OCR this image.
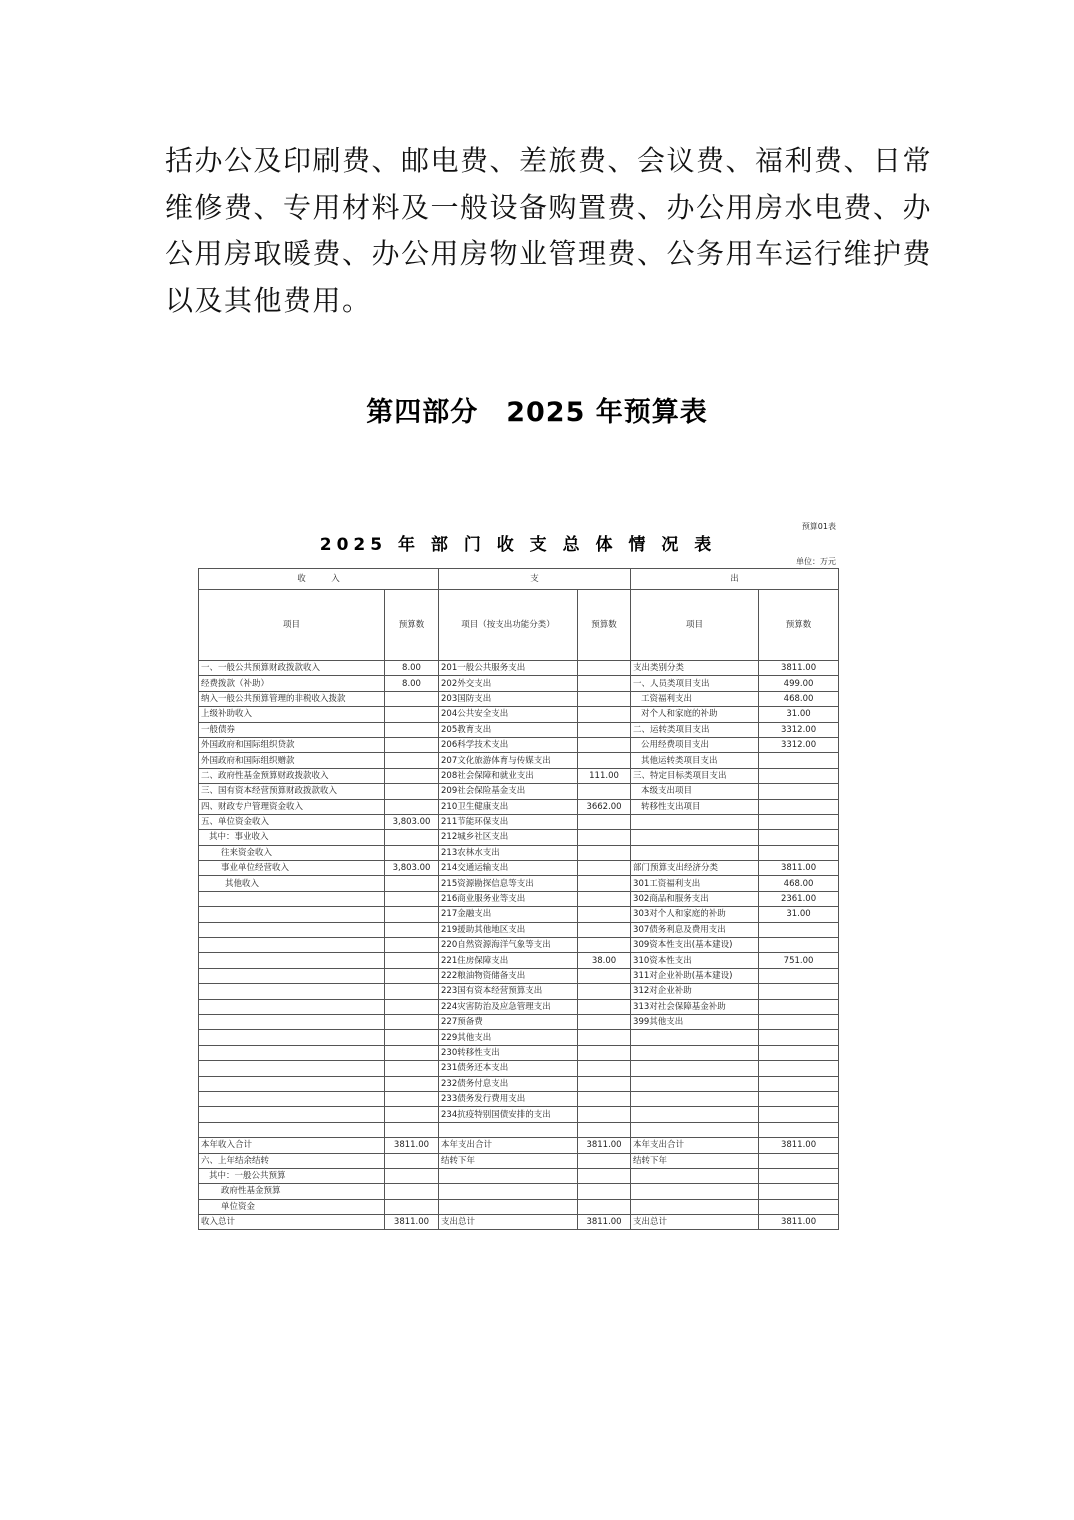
括办公及印刷费、邮电费、差旅费、会议费、福利费、日常
维修费、专用材料及一般设备购置费、办公用房水电费、办
公用房取暖费、办公用房物业管理费、公务用车运行维护费
以及其他费用。
第四部分　2025 年预算表
预算01表
2025 年 部 门 收 支 总 体 情 况 表
单位：万元
收　　　入		支		出	
项目	预算数	项目（按支出功能分类）	预算数	项目	预算数
一、一般公共预算财政拨款收入	8.00	201一般公共服务支出		支出类别分类	3811.00
经费拨款（补助）	8.00	202外交支出		一、人员类项目支出	499.00
纳入一般公共预算管理的非税收入拨款		203国防支出		工资福利支出	468.00
上级补助收入		204公共安全支出		对个人和家庭的补助	31.00
一般债券		205教育支出		二、运转类项目支出	3312.00
外国政府和国际组织贷款		206科学技术支出		公用经费项目支出	3312.00
外国政府和国际组织赠款		207文化旅游体育与传媒支出		其他运转类项目支出	
二、政府性基金预算财政拨款收入		208社会保障和就业支出	111.00	三、特定目标类项目支出	
三、国有资本经营预算财政拨款收入		209社会保险基金支出		本级支出项目	
四、财政专户管理资金收入		210卫生健康支出	3662.00	转移性支出项目	
五、单位资金收入	3,803.00	211节能环保支出			
其中：事业收入		212城乡社区支出			
往来资金收入		213农林水支出			
事业单位经营收入	3,803.00	214交通运输支出		部门预算支出经济分类	3811.00
其他收入		215资源勘探信息等支出		301工资福利支出	468.00
		216商业服务业等支出		302商品和服务支出	2361.00
		217金融支出		303对个人和家庭的补助	31.00
		219援助其他地区支出		307债务利息及费用支出	
		220自然资源海洋气象等支出		309资本性支出(基本建设)	
		221住房保障支出	38.00	310资本性支出	751.00
		222粮油物资储备支出		311对企业补助(基本建设)	
		223国有资本经营预算支出		312对企业补助	
		224灾害防治及应急管理支出		313对社会保障基金补助	
		227预备费		399其他支出	
		229其他支出			
		230转移性支出			
		231债务还本支出			
		232债务付息支出			
		233债务发行费用支出			
		234抗疫特别国债安排的支出			

本年收入合计	3811.00	本年支出合计	3811.00	本年支出合计	3811.00
六、上年结余结转		结转下年		结转下年	
其中：一般公共预算					
政府性基金预算					
单位资金					
收入总计	3811.00	支出总计	3811.00	支出总计	3811.00
